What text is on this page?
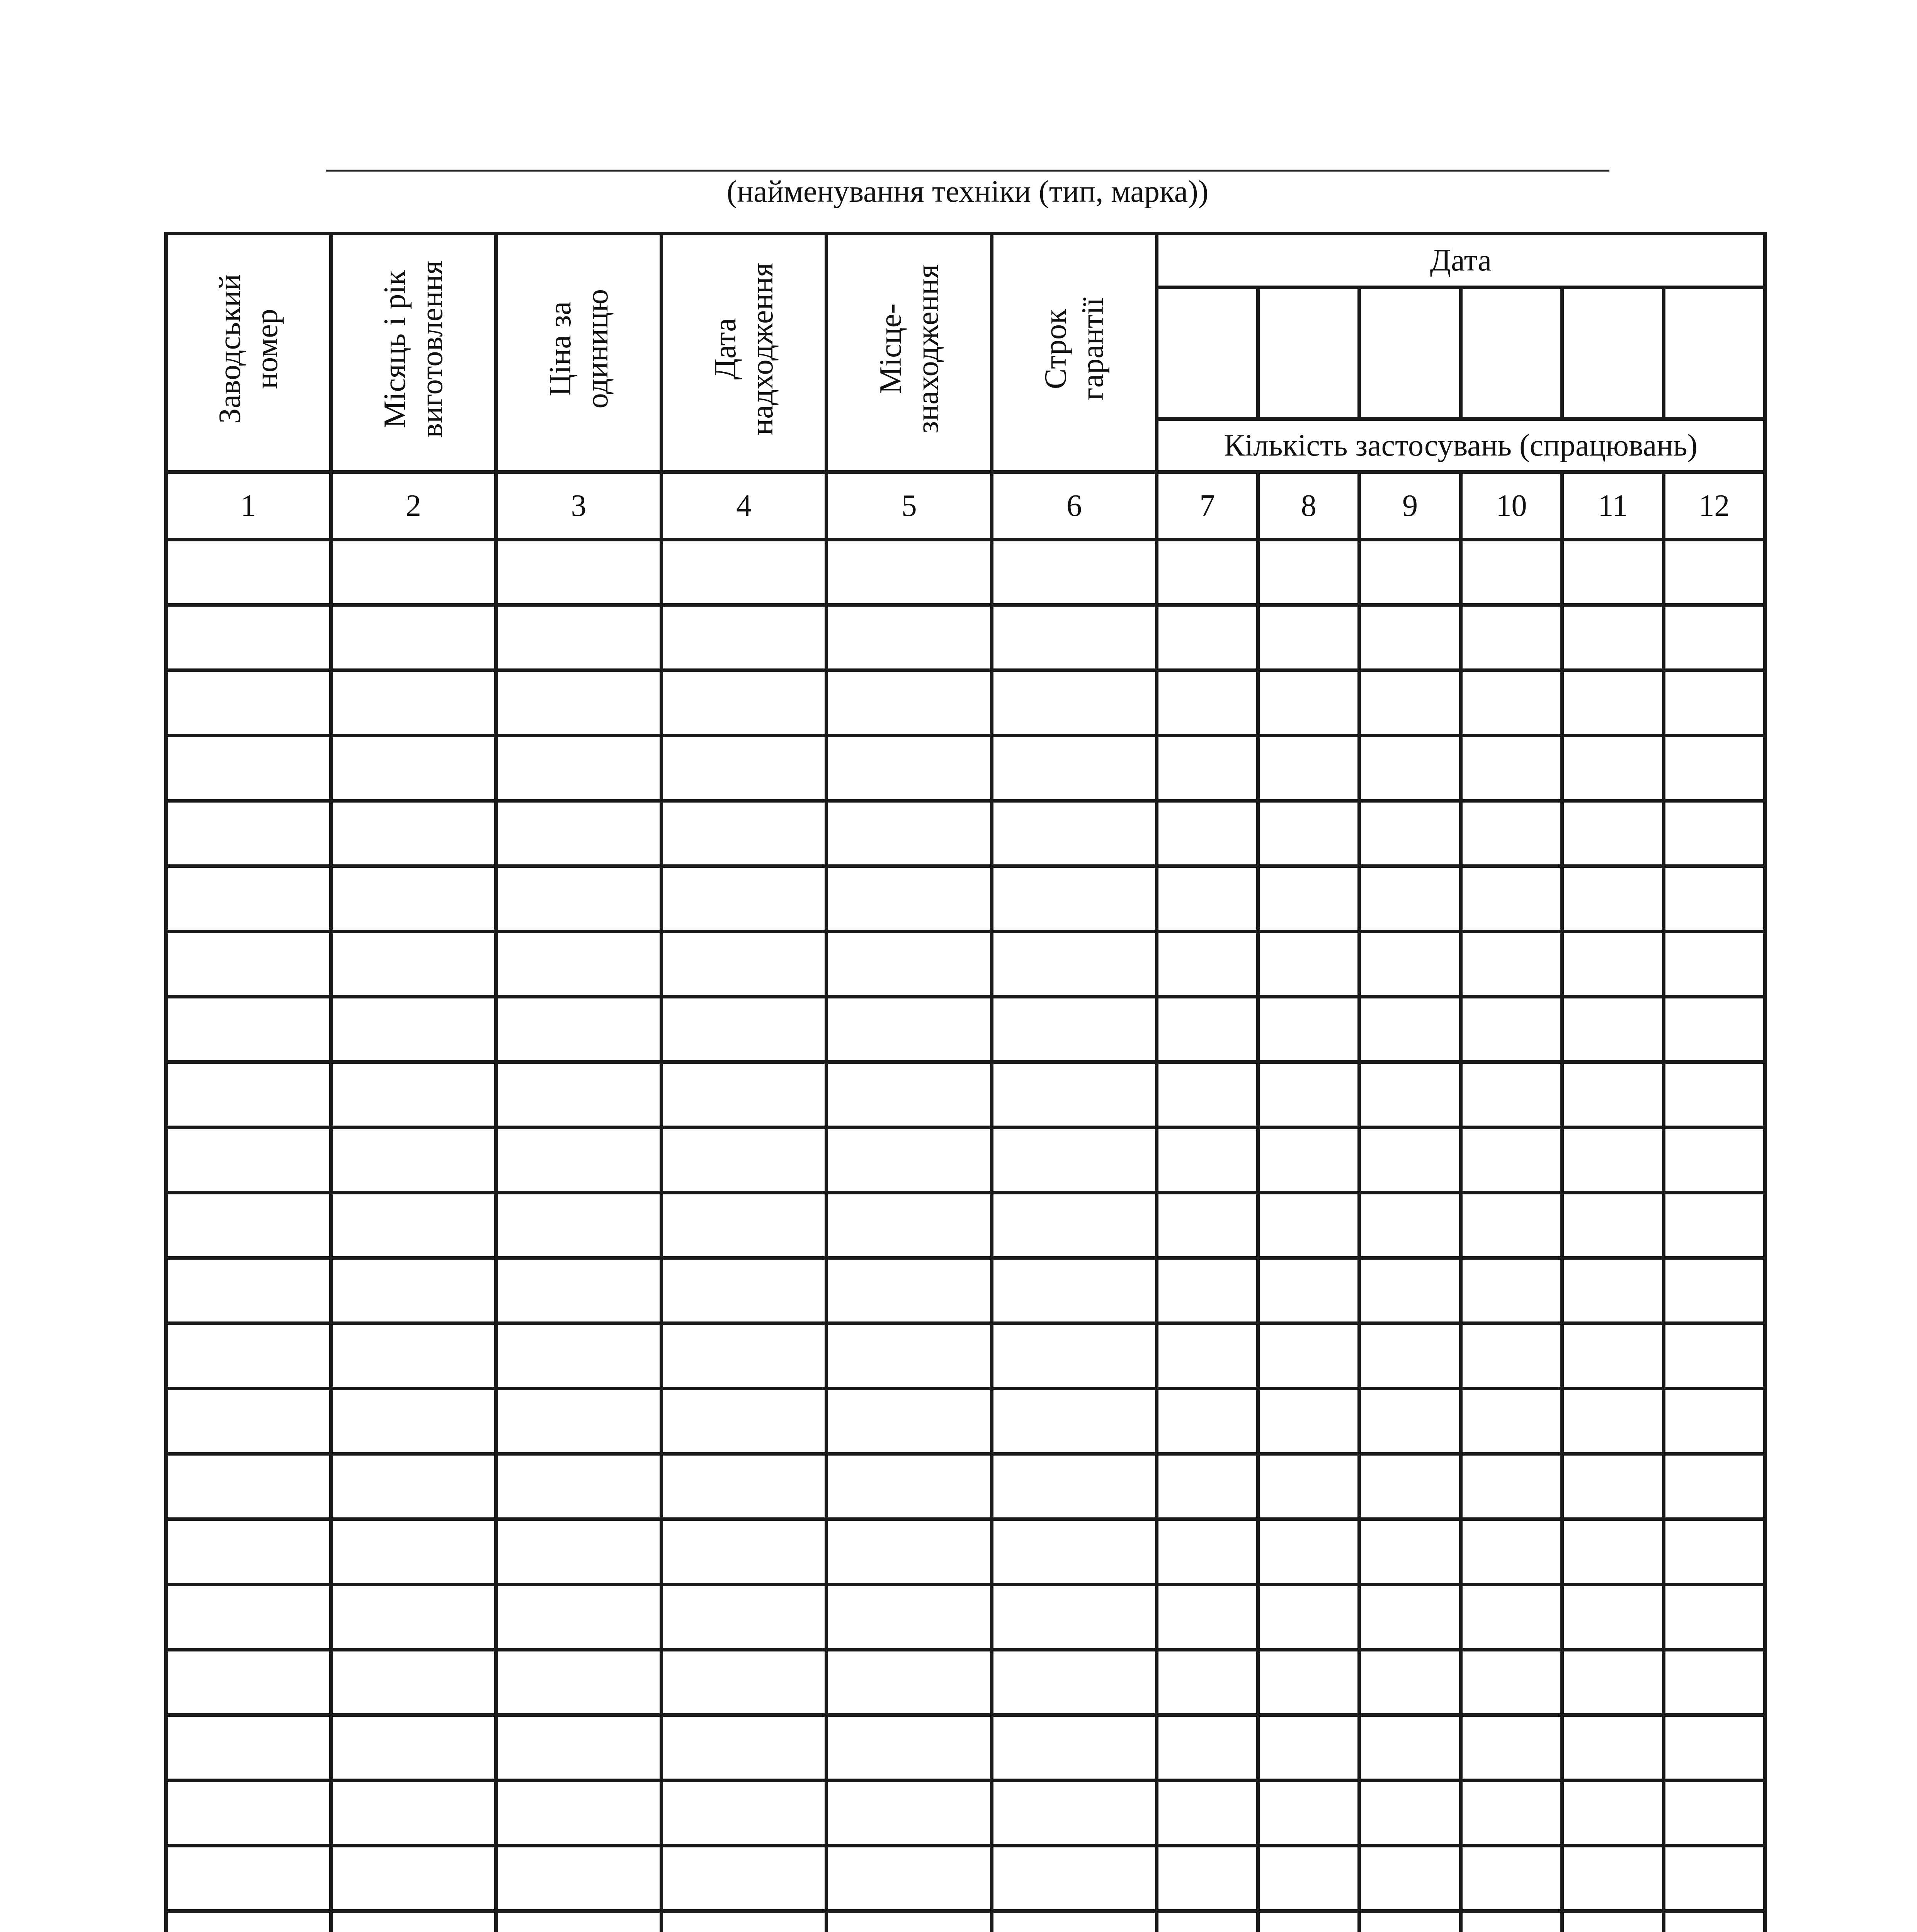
(найменування техніки (тип, марка))
Заводський номер	Місяць і рік виготовлення	Ціна за одиницю	Дата надходження	Місце- знаходження	Строк гарантії	Дата					

						Кількість застосувань (спрацювань)					
1	2	3	4	5	6	7	8	9	10	11	12
